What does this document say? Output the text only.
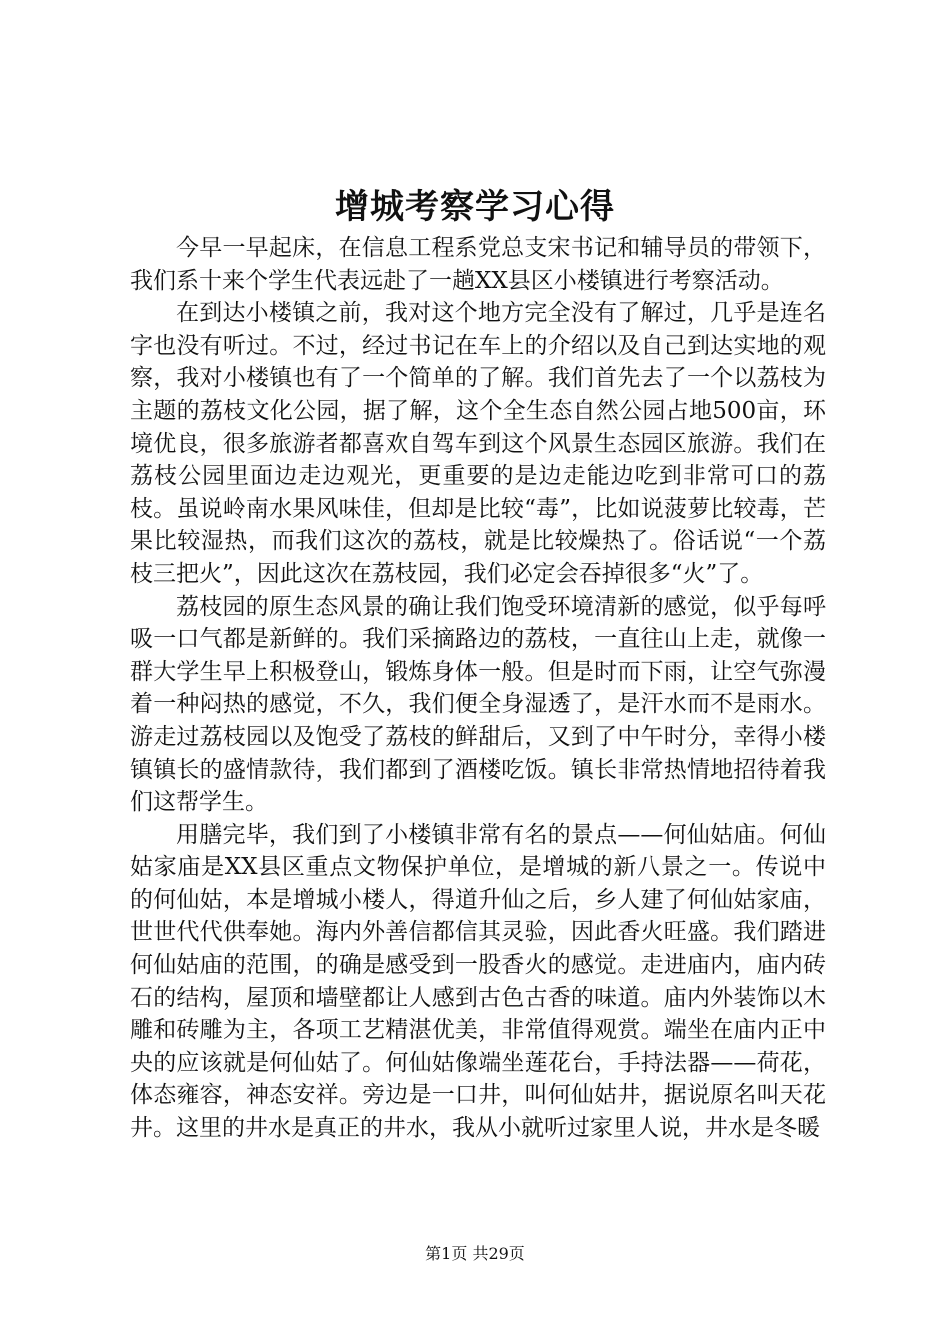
增城考察学习心得

今早一早起床，在信息工程系党总支宋书记和辅导员的带领下，我们系十来个学生代表远赴了一趟XX县区小楼镇进行考察活动。

在到达小楼镇之前，我对这个地方完全没有了解过，几乎是连名字也没有听过。不过，经过书记在车上的介绍以及自己到达实地的观察，我对小楼镇也有了一个简单的了解。我们首先去了一个以荔枝为主题的荔枝文化公园，据了解，这个全生态自然公园占地500亩，环境优良，很多旅游者都喜欢自驾车到这个风景生态园区旅游。我们在荔枝公园里面边走边观光，更重要的是边走能边吃到非常可口的荔枝。虽说岭南水果风味佳，但却是比较“毒”，比如说菠萝比较毒，芒果比较湿热，而我们这次的荔枝，就是比较燥热了。俗话说“一个荔枝三把火”，因此这次在荔枝园，我们必定会吞掉很多“火”了。

荔枝园的原生态风景的确让我们饱受环境清新的感觉，似乎每呼吸一口气都是新鲜的。我们采摘路边的荔枝，一直往山上走，就像一群大学生早上积极登山，锻炼身体一般。但是时而下雨，让空气弥漫着一种闷热的感觉，不久，我们便全身湿透了，是汗水而不是雨水。游走过荔枝园以及饱受了荔枝的鲜甜后，又到了中午时分，幸得小楼镇镇长的盛情款待，我们都到了酒楼吃饭。镇长非常热情地招待着我们这帮学生。

用膳完毕，我们到了小楼镇非常有名的景点——何仙姑庙。何仙姑家庙是XX县区重点文物保护单位，是增城的新八景之一。传说中的何仙姑，本是增城小楼人，得道升仙之后，乡人建了何仙姑家庙，世世代代供奉她。海内外善信都信其灵验，因此香火旺盛。我们踏进何仙姑庙的范围，的确是感受到一股香火的感觉。走进庙内，庙内砖石的结构，屋顶和墙壁都让人感到古色古香的味道。庙内外装饰以木雕和砖雕为主，各项工艺精湛优美，非常值得观赏。端坐在庙内正中央的应该就是何仙姑了。何仙姑像端坐莲花台，手持法器——荷花，体态雍容，神态安祥。旁边是一口井，叫何仙姑井，据说原名叫天花井。这里的井水是真正的井水，我从小就听过家里人说，井水是冬暖

第1页 共29页
